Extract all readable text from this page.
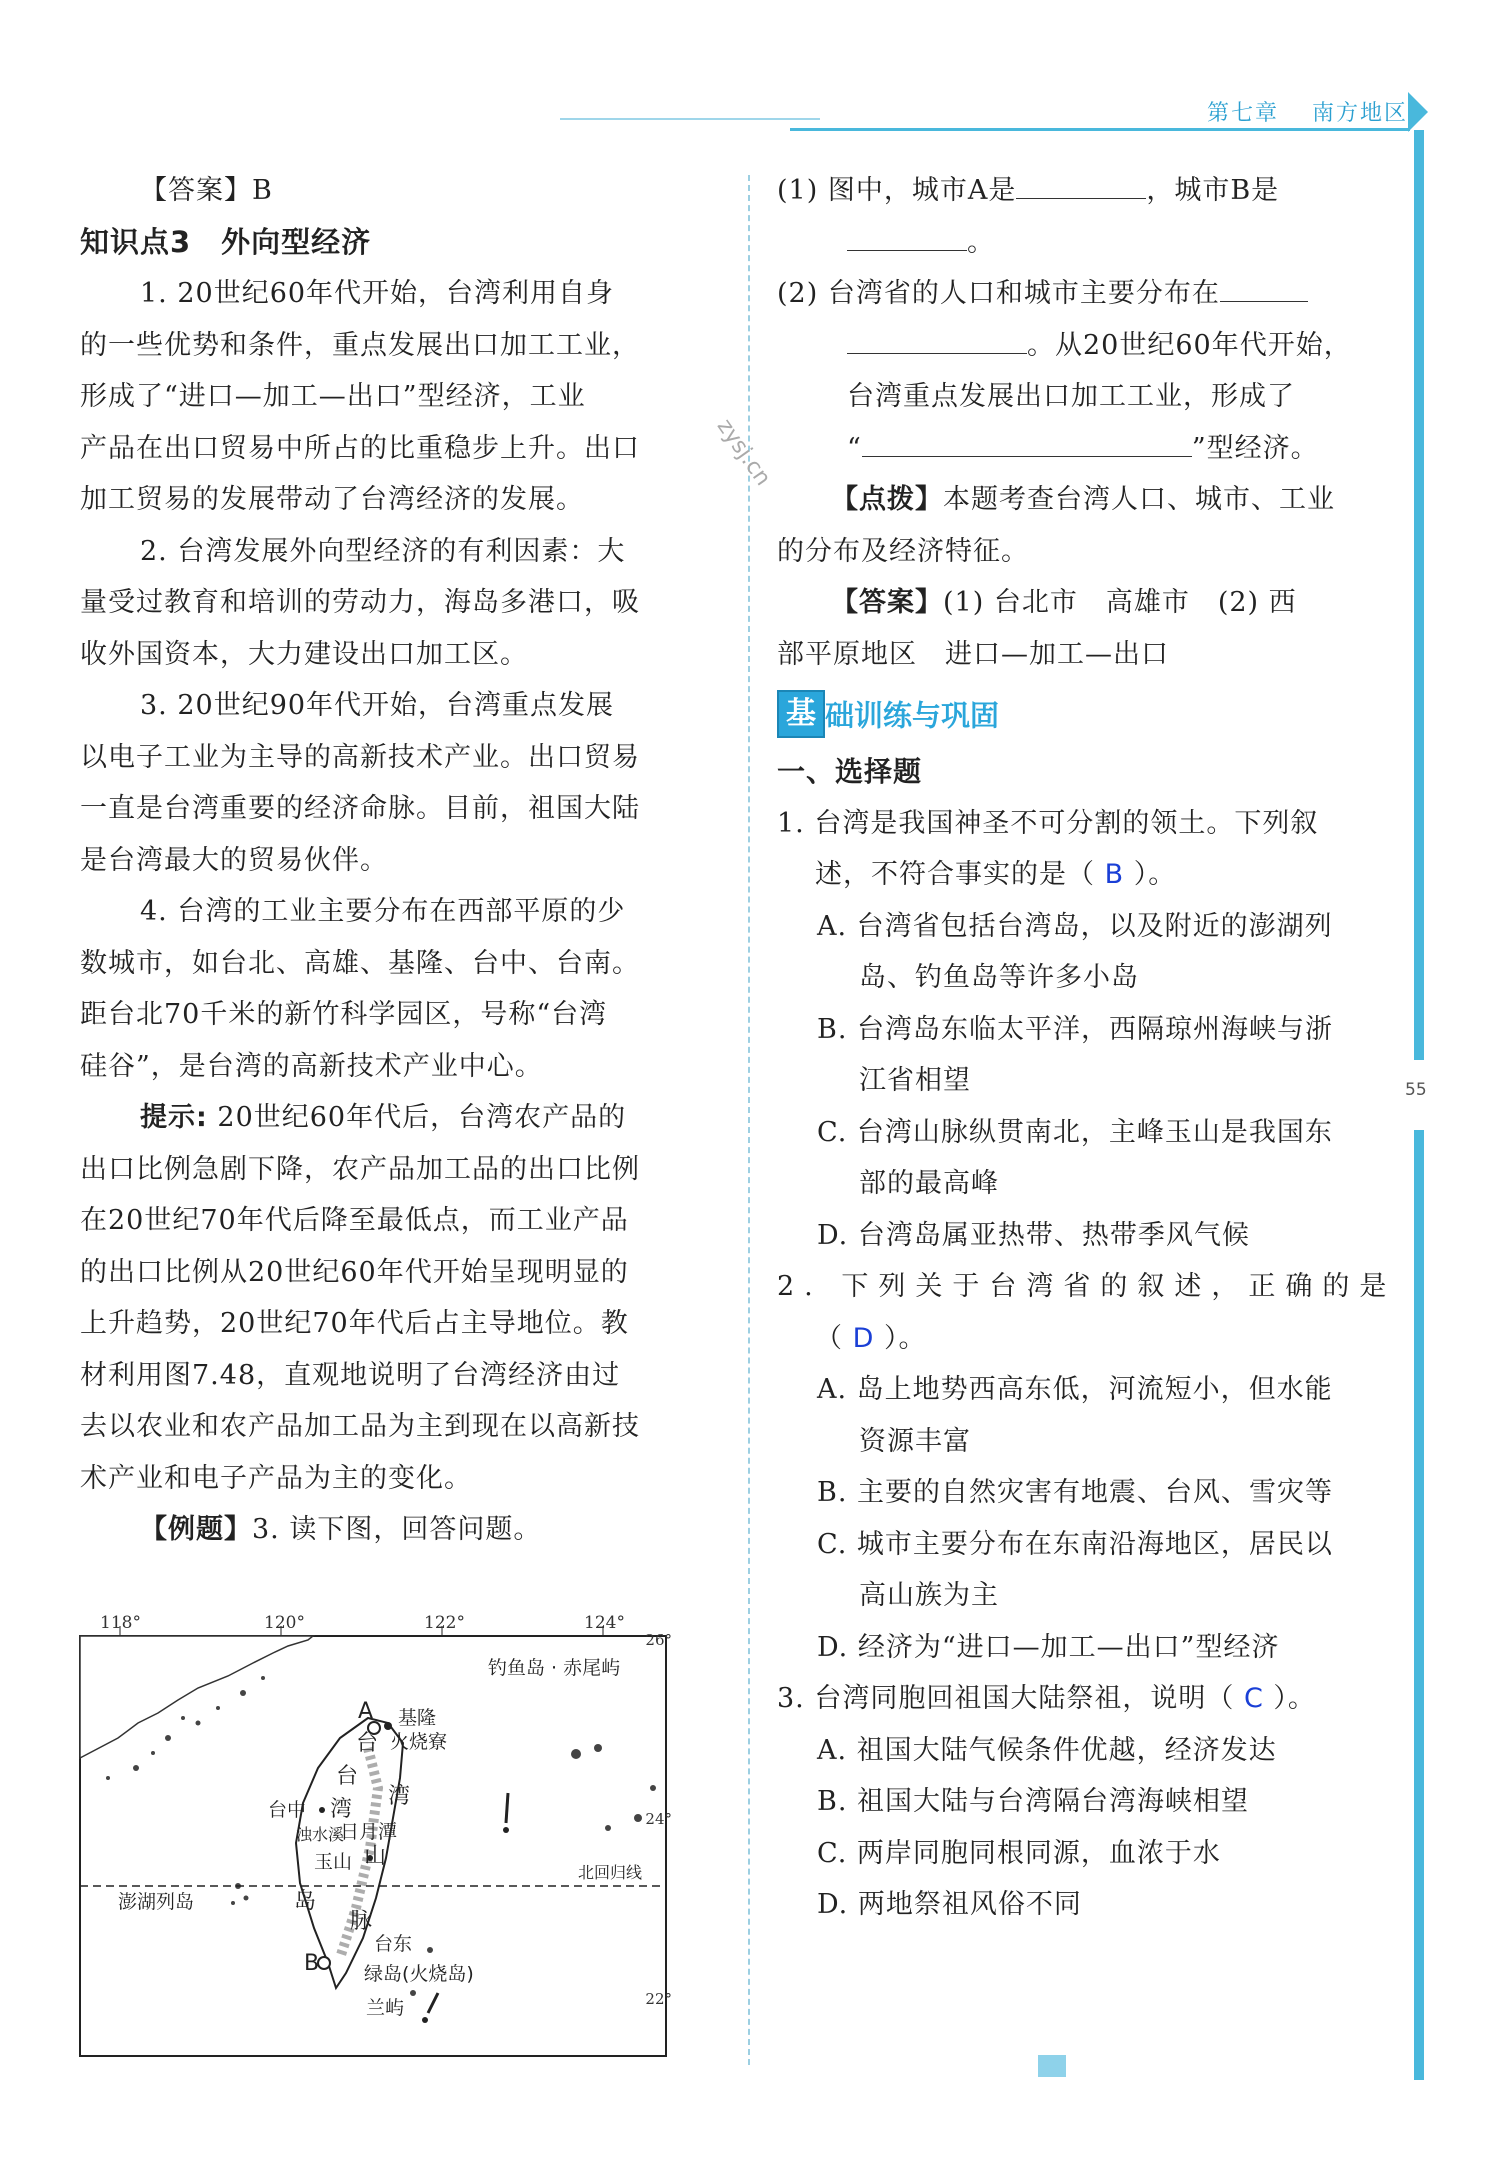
第七章　 南方地区
55
zysj.cn
【答案】B
知识点3　外向型经济
1. 20世纪60年代开始，台湾利用自身
的一些优势和条件，重点发展出口加工工业，
形成了“进口—加工—出口”型经济，工业
产品在出口贸易中所占的比重稳步上升。出口
加工贸易的发展带动了台湾经济的发展。
2. 台湾发展外向型经济的有利因素：大
量受过教育和培训的劳动力，海岛多港口，吸
收外国资本，大力建设出口加工区。
3. 20世纪90年代开始，台湾重点发展
以电子工业为主导的高新技术产业。出口贸易
一直是台湾重要的经济命脉。目前，祖国大陆
是台湾最大的贸易伙伴。
4. 台湾的工业主要分布在西部平原的少
数城市，如台北、高雄、基隆、台中、台南。
距台北70千米的新竹科学园区，号称“台湾
硅谷”，是台湾的高新技术产业中心。
提示: 20世纪60年代后，台湾农产品的
出口比例急剧下降，农产品加工品的出口比例
在20世纪70年代后降至最低点，而工业产品
的出口比例从20世纪60年代开始呈现明显的
上升趋势，20世纪70年代后占主导地位。教
材利用图7.48，直观地说明了台湾经济由过
去以农业和农产品加工品为主到现在以高新技
术产业和电子产品为主的变化。
【例题】3. 读下图，回答问题。
118°	120°	122°	124°
26°
24°
22°
钓鱼岛 · 赤尾屿
A 基隆
火烧寮
台
台
台中 湾
湾
日月潭
浊水溪
玉山 山
北回归线
澎湖列岛	岛
脉
B
台东
绿岛(火烧岛)
兰屿
(1) 图中，城市A是	，城市B是
。
(2) 台湾省的人口和城市主要分布在
。从20世纪60年代开始，
台湾重点发展出口加工工业，形成了
“	”型经济。
【点拨】本题考查台湾人口、城市、工业
的分布及经济特征。
【答案】(1) 台北市　高雄市　(2) 西
部平原地区　进口—加工—出口
基 础训练与巩固
一、选择题
1. 台湾是我国神圣不可分割的领土。下列叙
述，不符合事实的是（ B ）。
A. 台湾省包括台湾岛，以及附近的澎湖列
岛、钓鱼岛等许多小岛
B. 台湾岛东临太平洋，西隔琼州海峡与浙
江省相望
C. 台湾山脉纵贯南北，主峰玉山是我国东
部的最高峰
D. 台湾岛属亚热带、热带季风气候
2. 下列关于台湾省的叙述，正确的是
（ D ）。
A. 岛上地势西高东低，河流短小，但水能
资源丰富
B. 主要的自然灾害有地震、台风、雪灾等
C. 城市主要分布在东南沿海地区，居民以
高山族为主
D. 经济为“进口—加工—出口”型经济
3. 台湾同胞回祖国大陆祭祖，说明（ C ）。
A. 祖国大陆气候条件优越，经济发达
B. 祖国大陆与台湾隔台湾海峡相望
C. 两岸同胞同根同源，血浓于水
D. 两地祭祖风俗不同
